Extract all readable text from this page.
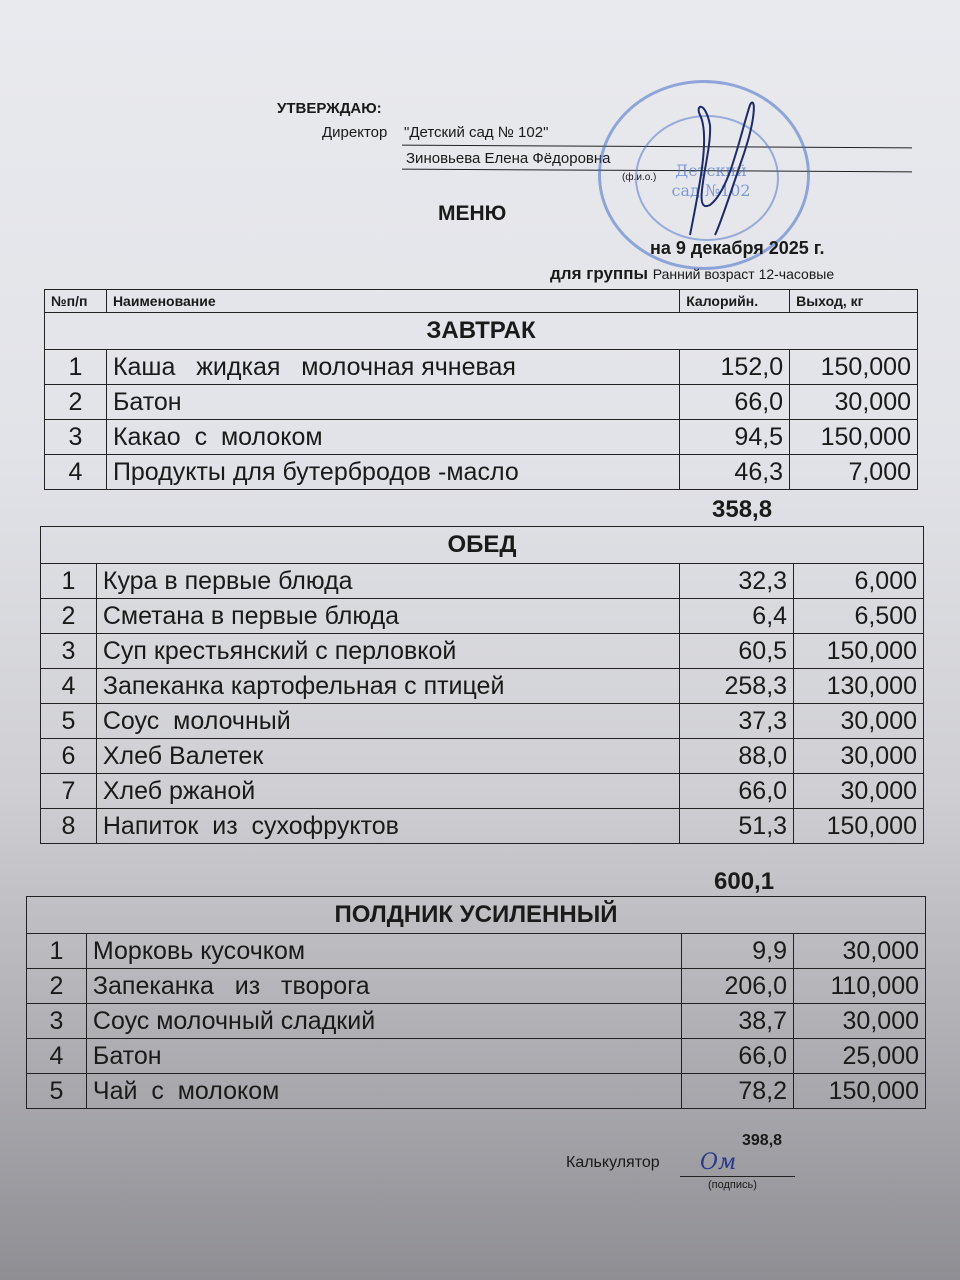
УТВЕРЖДАЮ:
Директор "Детский сад № 102"
Зиновьева Елена Фёдоровна
(ф.и.о.) Детский сад №102
МЕНЮ
на 9 декабря 2025 г.
для группы Ранний возраст 12-часовые
№п/п	Наименование	Калорийн.	Выход, кг
ЗАВТРАК			
1	Каша   жидкая   молочная ячневая	152,0	150,000
2	Батон	66,0	30,000
3	Какао  с  молоком	94,5	150,000
4	Продукты для бутербродов -масло	46,3	7,000
358,8
ОБЕД			
1	Кура в первые блюда	32,3	6,000
2	Сметана в первые блюда	6,4	6,500
3	Суп крестьянский с перловкой	60,5	150,000
4	Запеканка картофельная с птицей	258,3	130,000
5	Соус  молочный	37,3	30,000
6	Хлеб Валетек	88,0	30,000
7	Хлеб ржаной	66,0	30,000
8	Напиток  из  сухофруктов	51,3	150,000
600,1
ПОЛДНИК УСИЛЕННЫЙ			
1	Морковь кусочком	9,9	30,000
2	Запеканка   из   творога	206,0	110,000
3	Соус молочный сладкий	38,7	30,000
4	Батон	66,0	25,000
5	Чай  с  молоком	78,2	150,000
398,8
Калькулятор Ом
(подпись)
